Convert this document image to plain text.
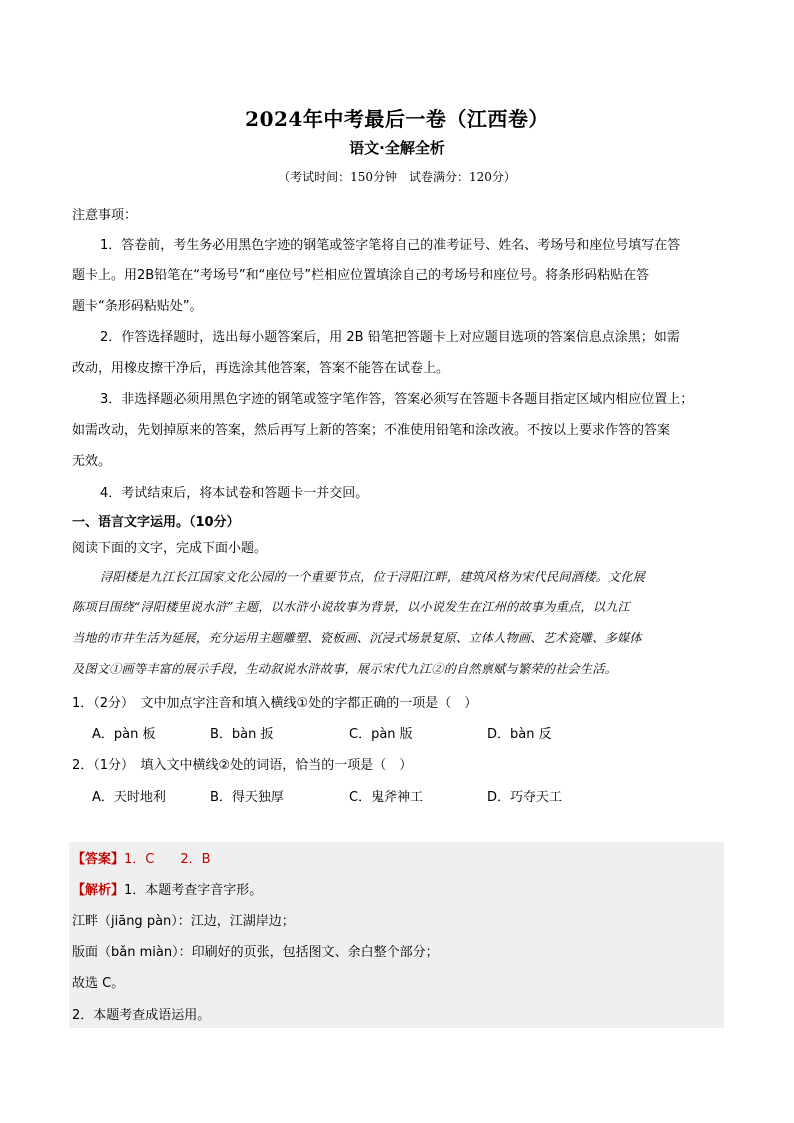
2024年中考最后一卷（江西卷）
语文·全解全析
（考试时间：150分钟　试卷满分：120分）
注意事项：
1．答卷前，考生务必用黑色字迹的钢笔或签字笔将自己的准考证号、姓名、考场号和座位号填写在答
题卡上。用2B铅笔在“考场号”和“座位号”栏相应位置填涂自己的考场号和座位号。将条形码粘贴在答
题卡“条形码粘贴处”。
2．作答选择题时，选出每小题答案后，用 2B 铅笔把答题卡上对应题目选项的答案信息点涂黑；如需
改动，用橡皮擦干净后，再选涂其他答案，答案不能答在试卷上。
3．非选择题必须用黑色字迹的钢笔或签字笔作答，答案必须写在答题卡各题目指定区域内相应位置上；
如需改动，先划掉原来的答案，然后再写上新的答案；不准使用铅笔和涂改液。不按以上要求作答的答案
无效。
4．考试结束后，将本试卷和答题卡一并交回。
一、语言文字运用。（10分）
阅读下面的文字，完成下面小题。
浔阳楼是九江长江国家文化公园的一个重要节点，位于浔阳江畔，建筑风格为宋代民间酒楼。文化展
陈项目围绕“浔阳楼里说水浒”主题，以水浒小说故事为背景，以小说发生在江州的故事为重点，以九江
当地的市井生活为延展，充分运用主题雕塑、瓷板画、沉浸式场景复原、立体人物画、艺术瓷雕、多媒体
及图文①画等丰富的展示手段，生动叙说水浒故事，展示宋代九江②的自然禀赋与繁荣的社会生活。
1．（2分）　文中加点字注音和填入横线①处的字都正确的一项是（　）
A．pàn 板	B．bàn 扳	C．pàn 版	D．bàn 反
2．（1分）　填入文中横线②处的词语，恰当的一项是（　）
A．天时地利	B．得天独厚	C．鬼斧神工	D．巧夺天工
【答案】1．C　　2．B
【解析】1．本题考查字音字形。
江畔（jiāng pàn）：江边，江湖岸边；
版面（bǎn miàn）：印刷好的页张，包括图文、余白整个部分；
故选 C。
2．本题考查成语运用。
